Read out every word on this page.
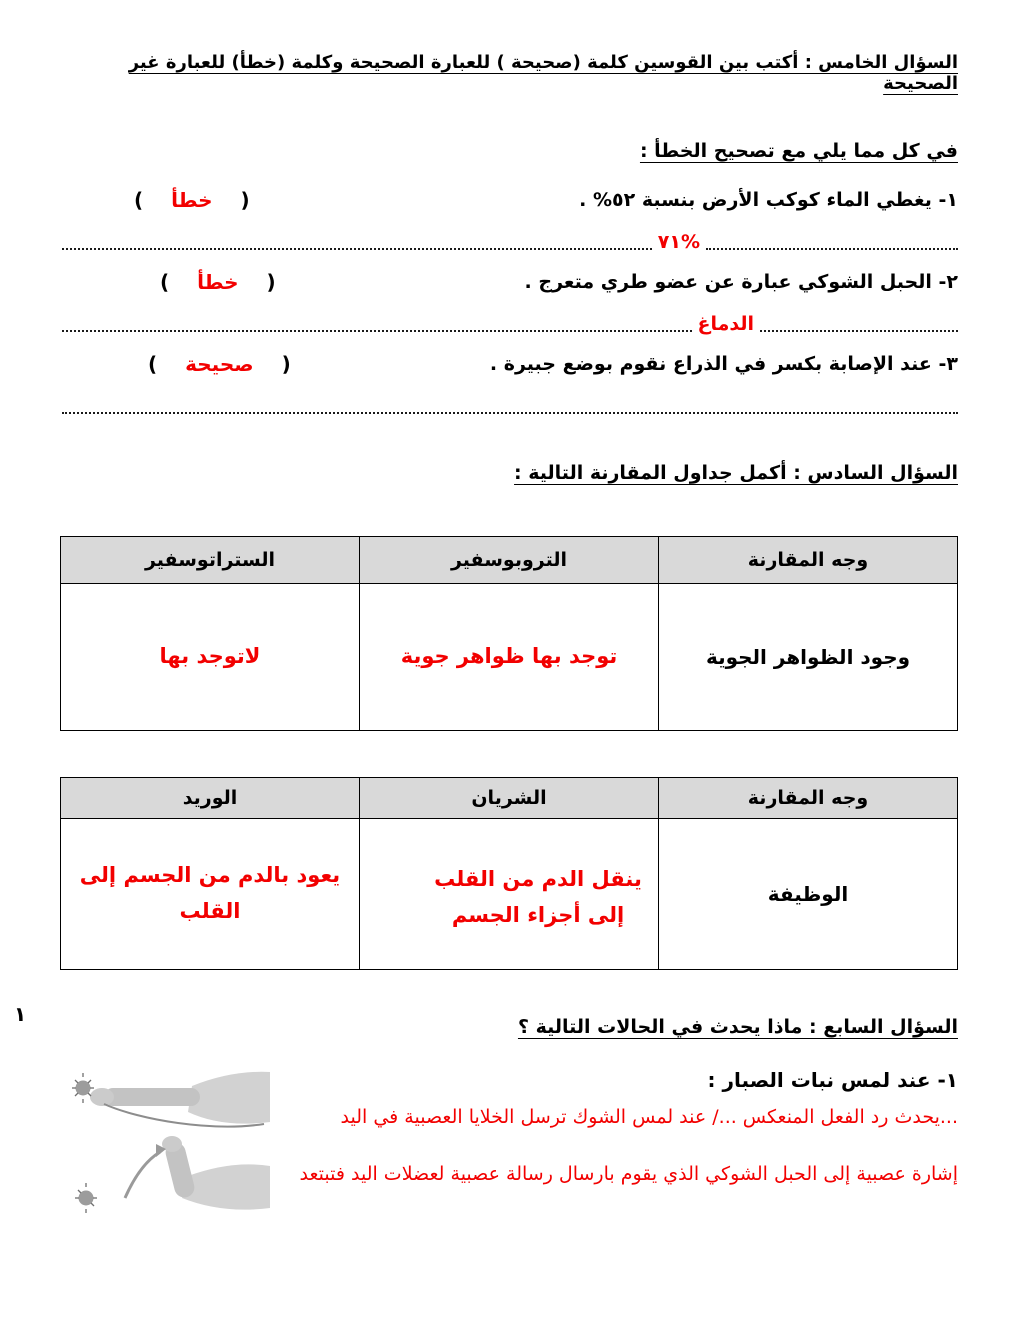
السؤال الخامس : أكتب بين القوسين كلمة (صحيحة ) للعبارة الصحيحة وكلمة (خطأ) للعبارة غير الصحيحة
في كل مما يلي مع تصحيح الخطأ :
١- يغطي الماء كوكب الأرض بنسبة ٥٢% .
(
خطأ
)
%٧١
٢- الحبل الشوكي عبارة عن عضو طري متعرج .
(
خطأ
)
الدماغ
٣- عند الإصابة بكسر في الذراع نقوم بوضع جبيرة .
(
صحيحة
)
السؤال السادس : أكمل جداول المقارنة التالية :
وجه المقارنة	التروبوسفير	الستراتوسفير
وجود الظواهر الجوية	توجد بها ظواهر جوية	لاتوجد بها
وجه المقارنة	الشريان	الوريد
الوظيفة	ينقل الدم من القلب إلى أجزاء الجسم	يعود بالدم من الجسم إلى القلب
السؤال السابع : ماذا يحدث في الحالات التالية ؟
١- عند لمس نبات الصبار :
...يحدث رد الفعل المنعكس .../ عند لمس الشوك ترسل الخلايا العصبية في اليد
إشارة عصبية إلى الحبل الشوكي الذي يقوم بارسال رسالة عصبية لعضلات اليد فتبتعد
١
